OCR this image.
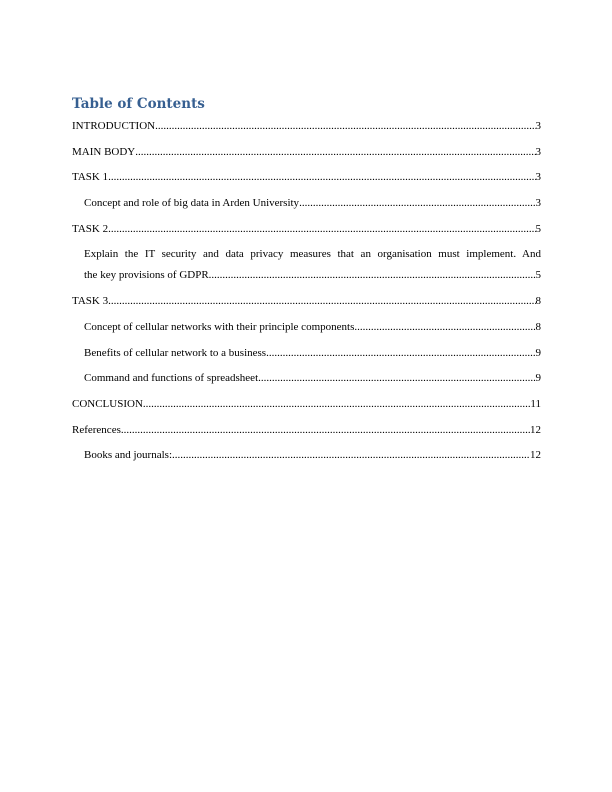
Table of Contents
INTRODUCTION .....	3
MAIN BODY .....	3
TASK 1 .....	3
Concept and role of big data in Arden University .....	3
TASK 2 .....	5
Explain the IT security and data privacy measures that an organisation must implement. And
the key provisions of GDPR .....	5
TASK 3 .....	8
Concept of cellular networks with their principle components .....	8
Benefits of cellular network to a business .....	9
Command and functions of spreadsheet .....	9
CONCLUSION .....	11
References .....	12
Books and journals: .....	12
